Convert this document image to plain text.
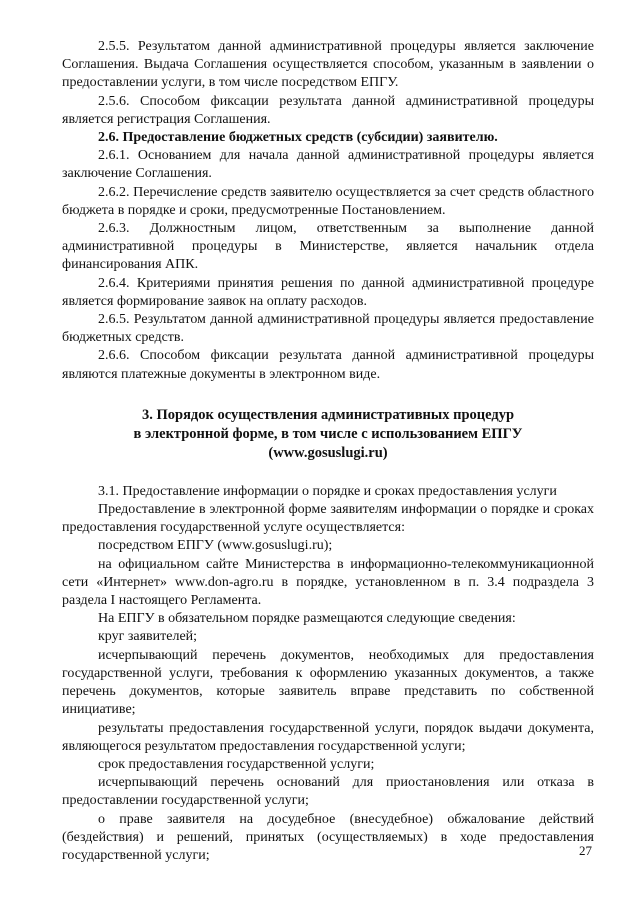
2.5.5. Результатом данной административной процедуры является заключение Соглашения. Выдача Соглашения осуществляется способом, указанным в заявлении о предоставлении услуги, в том числе посредством ЕПГУ.

2.5.6. Способом фиксации результата данной административной процедуры является регистрация Соглашения.

2.6. Предоставление бюджетных средств (субсидии) заявителю.

2.6.1. Основанием для начала данной административной процедуры является заключение Соглашения.

2.6.2. Перечисление средств заявителю осуществляется за счет средств областного бюджета в порядке и сроки, предусмотренные Постановлением.

2.6.3. Должностным лицом, ответственным за выполнение данной административной процедуры в Министерстве, является начальник отдела финансирования АПК.

2.6.4. Критериями принятия решения по данной административной процедуре является формирование заявок на оплату расходов.

2.6.5. Результатом данной административной процедуры является предоставление бюджетных средств.

2.6.6. Способом фиксации результата данной административной процедуры являются платежные документы в электронном виде.

3. Порядок осуществления административных процедур
в электронной форме, в том числе с использованием ЕПГУ
(www.gosuslugi.ru)

3.1. Предоставление информации о порядке и сроках предоставления услуги

Предоставление в электронной форме заявителям информации о порядке и сроках предоставления государственной услуге осуществляется:

посредством ЕПГУ (www.gosuslugi.ru);

на официальном сайте Министерства в информационно-телекоммуникационной сети «Интернет» www.don-agro.ru в порядке, установленном в п. 3.4 подраздела 3 раздела I настоящего Регламента.

На ЕПГУ в обязательном порядке размещаются следующие сведения:

круг заявителей;

исчерпывающий перечень документов, необходимых для предоставления государственной услуги, требования к оформлению указанных документов, а также перечень документов, которые заявитель вправе представить по собственной инициативе;

результаты предоставления государственной услуги, порядок выдачи документа, являющегося результатом предоставления государственной услуги;

срок предоставления государственной услуги;

исчерпывающий перечень оснований для приостановления или отказа в предоставлении государственной услуги;

о праве заявителя на досудебное (внесудебное) обжалование действий (бездействия) и решений, принятых (осуществляемых) в ходе предоставления государственной услуги;	27
